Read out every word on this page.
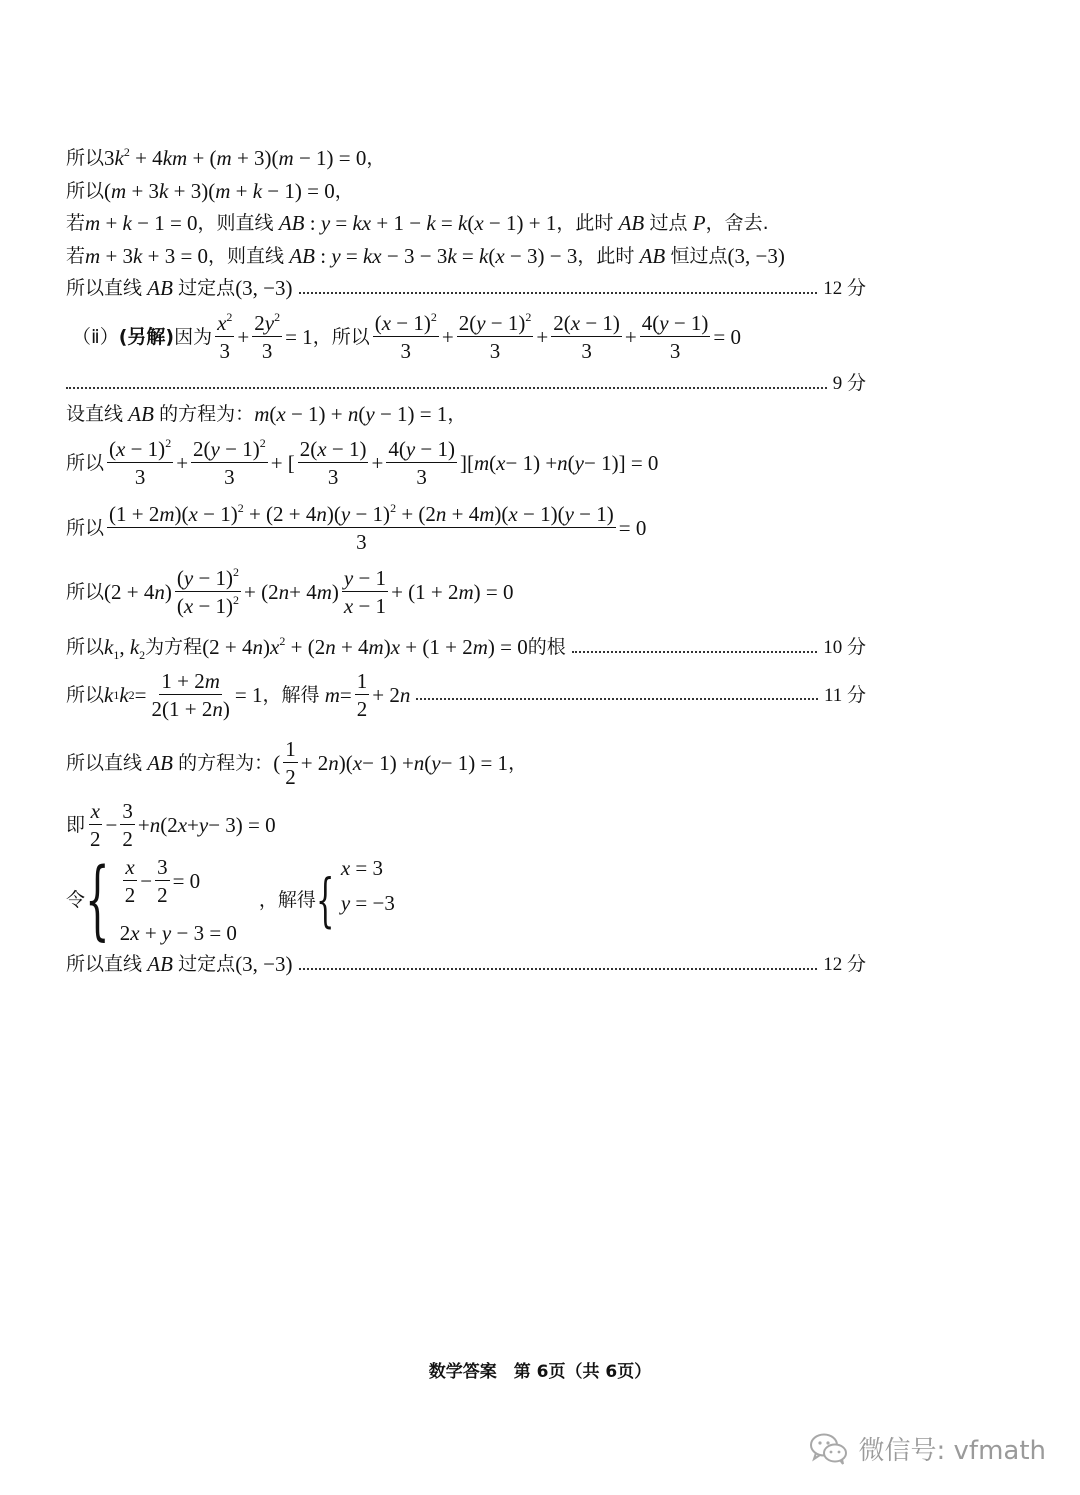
所以 $3k^2 + 4km + (m + 3)(m - 1) = 0$ ，
所以 (m + 3k + 3)(m + k − 1) = 0 ，
若 m + k − 1 = 0 ，则直线 AB : y = kx + 1 − k = k(x − 1) + 1 ，此时 AB 过点 P ，舍去.
若 m + 3k + 3 = 0 ，则直线 AB : y = kx − 3 − 3k = k(x − 3) − 3 ，此时 AB 恒过点 (3, −3)
所以直线 AB 过定点 (3, −3)	12 分
（ⅱ） (另解) 因为
$x^2$
3
+
$2y^2$
3
= 1 ，所以
$(x - 1)^2$
3
+
$2(y - 1)^2$
3
+
2(x − 1)
3
+
4(y − 1)
3
= 0
9 分
设直线 AB 的方程为： m(x − 1) + n(y − 1) = 1 ，
所以
$(x - 1)^2$
3
+
$2(y - 1)^2$
3
+ [
2(x − 1)
3
+
4(y − 1)
3
][ m ( x − 1) + n ( y − 1)] = 0
所以
$(1 + 2m)(x - 1)^2 + (2 + 4n)(y - 1)^2 + (2n + 4m)(x - 1)(y - 1)$
3
= 0
所以 (2 + 4 n )
$(y - 1)^2$
$(x - 1)^2 + (2$ n + 4 m )
y − 1
x − 1
+ (1 + 2 m ) = 0
所以 $k_1$, $k_2$ 为方程 $(2 + 4n)x^2 + (2n + 4m)x + (1 + 2m) = 0$ 的根	10 分
所以 k 1 k 2 =
1 + 2m
2(1 + 2n)
= 1 ，解得
m =
1
2
+ 2 n	11 分
所以直线 AB 的方程为： (
1
2
+ 2 n )( x − 1) + n ( y − 1) = 1 ，
即
x
2
−
3
2
+ n (2 x + y − 3) = 0
令 { x
2
−
3
2
= 0
2x + y − 3 = 0
，解得 { x = 3
y = −3
所以直线 AB 过定点 (3, −3)	12 分
数学答案　第 6页（共 6页）
微信号: vfmath
